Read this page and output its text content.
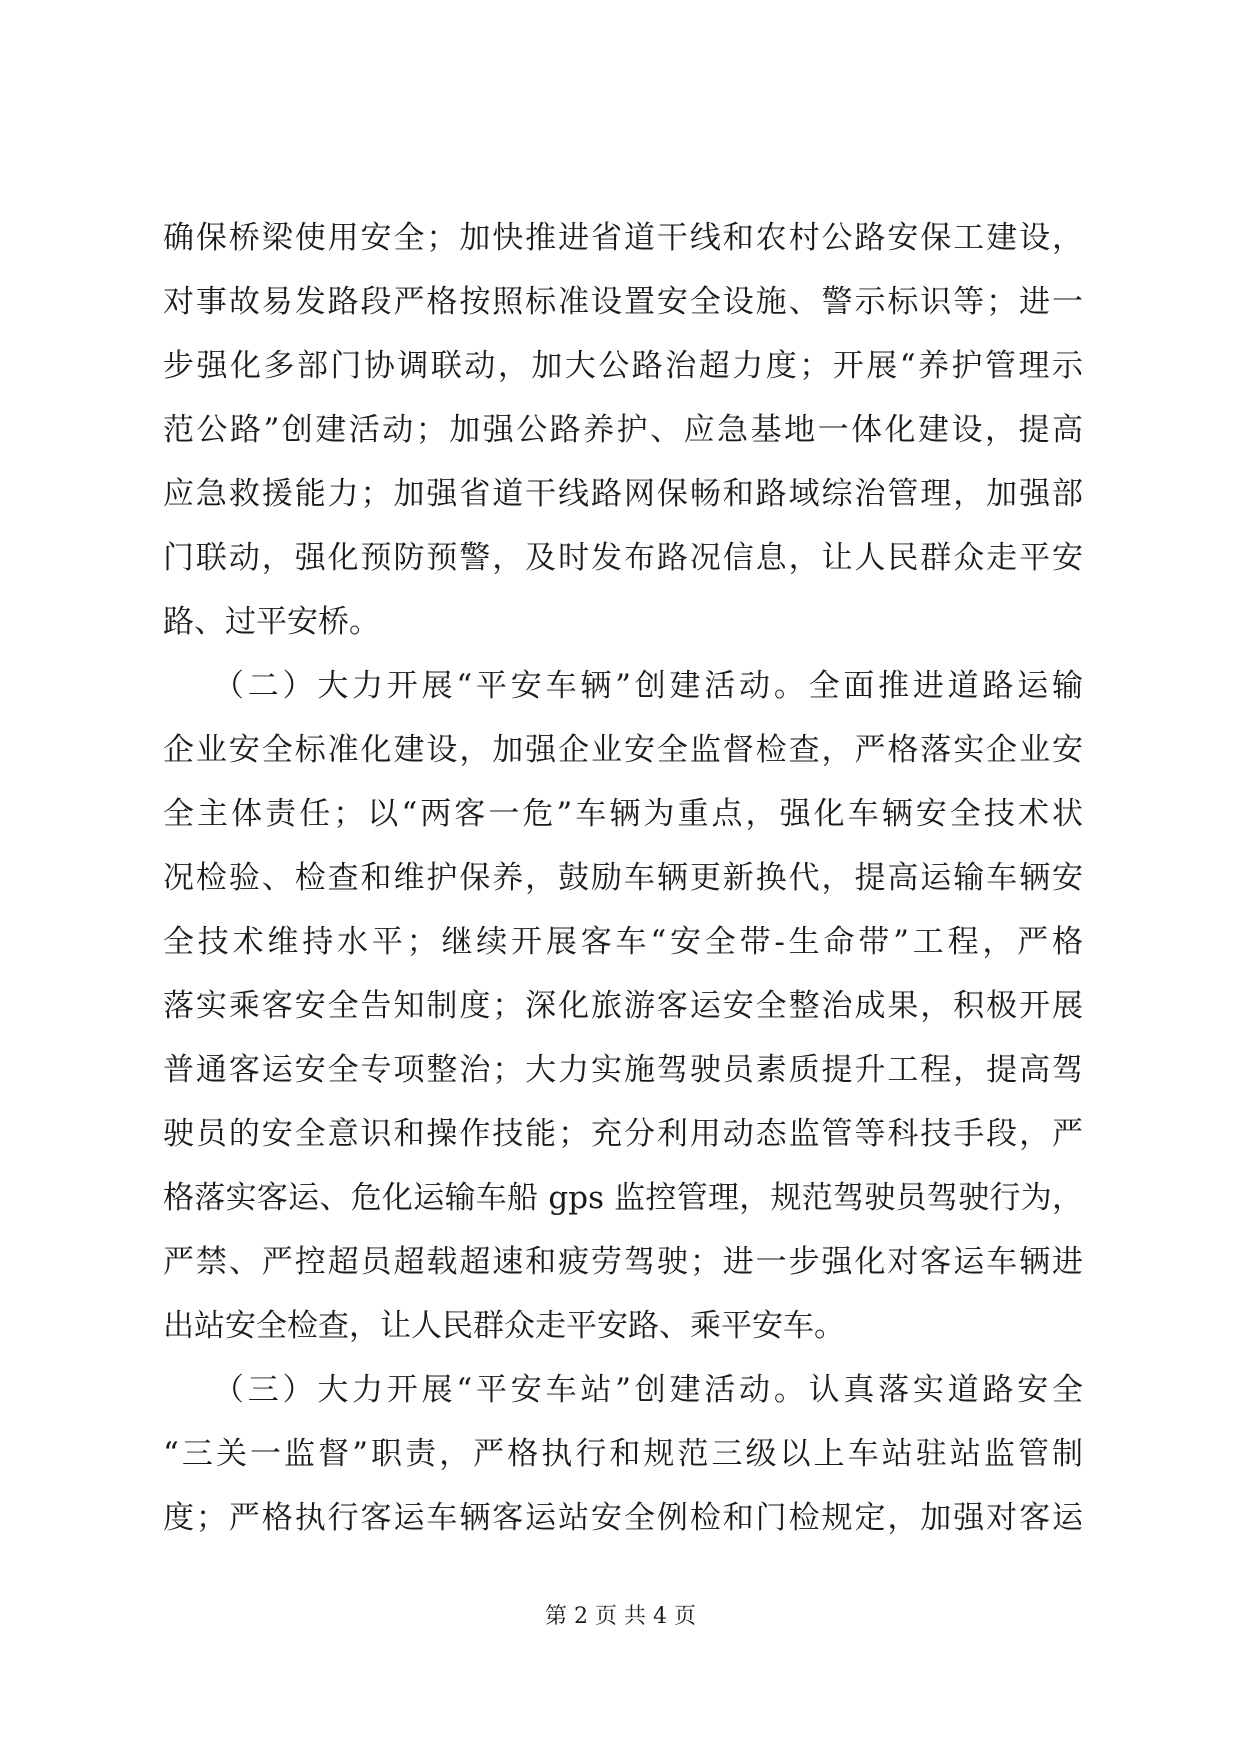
确保桥梁使用安全；加快推进省道干线和农村公路安保工建设，
对事故易发路段严格按照标准设置安全设施、警示标识等；进一
步强化多部门协调联动，加大公路治超力度；开展“养护管理示
范公路”创建活动；加强公路养护、应急基地一体化建设，提高
应急救援能力；加强省道干线路网保畅和路域综治管理，加强部
门联动，强化预防预警，及时发布路况信息，让人民群众走平安
路、过平安桥。
（二）大力开展“平安车辆”创建活动。全面推进道路运输
企业安全标准化建设，加强企业安全监督检查，严格落实企业安
全主体责任；以“两客一危”车辆为重点，强化车辆安全技术状
况检验、检查和维护保养，鼓励车辆更新换代，提高运输车辆安
全技术维持水平；继续开展客车“安全带-生命带”工程，严格
落实乘客安全告知制度；深化旅游客运安全整治成果，积极开展
普通客运安全专项整治；大力实施驾驶员素质提升工程，提高驾
驶员的安全意识和操作技能；充分利用动态监管等科技手段，严
格落实客运、危化运输车船 gps 监控管理，规范驾驶员驾驶行为，
严禁、严控超员超载超速和疲劳驾驶；进一步强化对客运车辆进
出站安全检查，让人民群众走平安路、乘平安车。
（三）大力开展“平安车站”创建活动。认真落实道路安全
“三关一监督”职责，严格执行和规范三级以上车站驻站监管制
度；严格执行客运车辆客运站安全例检和门检规定，加强对客运
第 2 页 共 4 页
